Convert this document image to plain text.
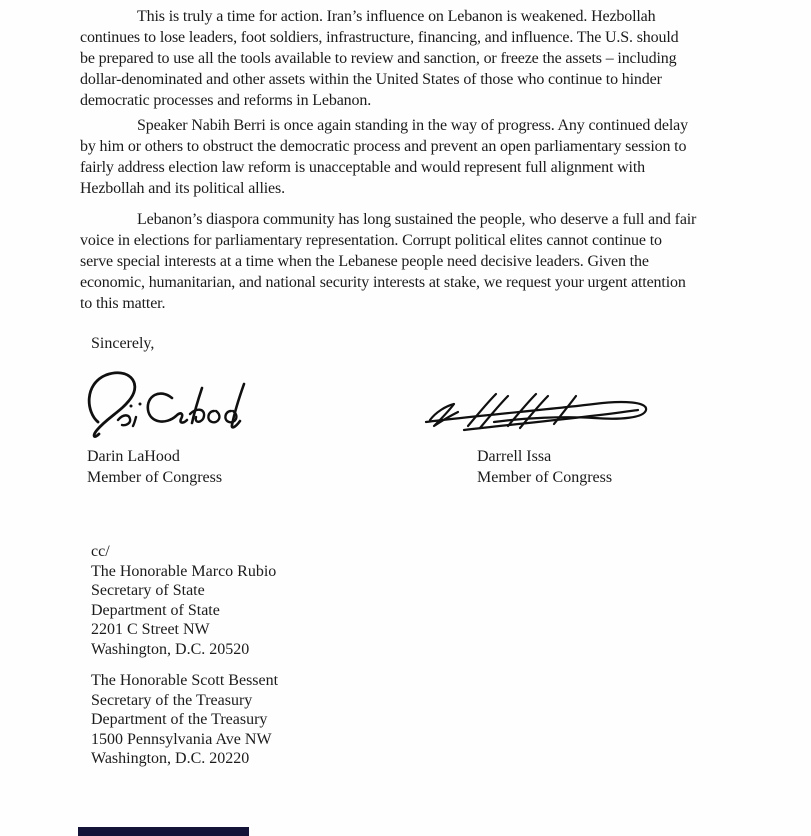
This is truly a time for action. Iran’s influence on Lebanon is weakened. Hezbollah
continues to lose leaders, foot soldiers, infrastructure, financing, and influence. The U.S. should
be prepared to use all the tools available to review and sanction, or freeze the assets – including
dollar-denominated and other assets within the United States of those who continue to hinder
democratic processes and reforms in Lebanon.
Speaker Nabih Berri is once again standing in the way of progress. Any continued delay
by him or others to obstruct the democratic process and prevent an open parliamentary session to
fairly address election law reform is unacceptable and would represent full alignment with
Hezbollah and its political allies.
Lebanon’s diaspora community has long sustained the people, who deserve a full and fair
voice in elections for parliamentary representation. Corrupt political elites cannot continue to
serve special interests at a time when the Lebanese people need decisive leaders. Given the
economic, humanitarian, and national security interests at stake, we request your urgent attention
to this matter.
Sincerely,
Darin LaHood
Member of Congress
Darrell Issa
Member of Congress
cc/
The Honorable Marco Rubio
Secretary of State
Department of State
2201 C Street NW
Washington, D.C. 20520
The Honorable Scott Bessent
Secretary of the Treasury
Department of the Treasury
1500 Pennsylvania Ave NW
Washington, D.C. 20220
